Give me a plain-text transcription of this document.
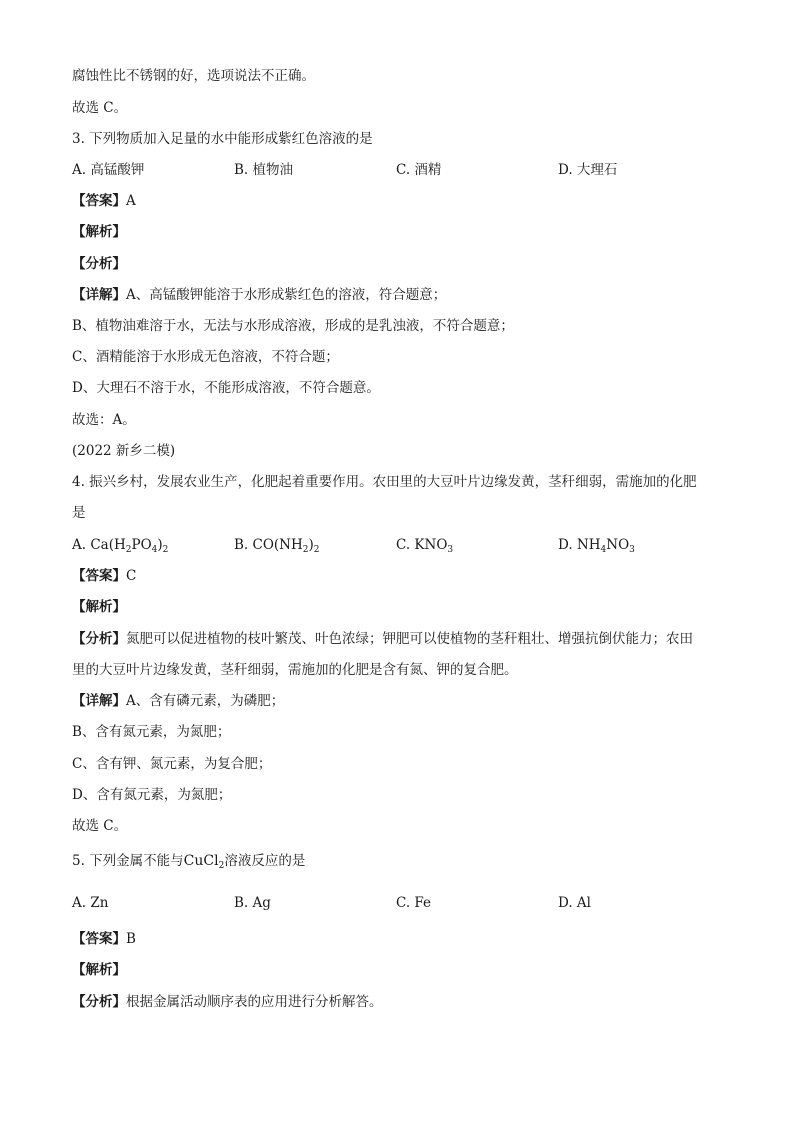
腐蚀性比不锈钢的好，选项说法不正确。
故选 C。
3. 下列物质加入足量的水中能形成紫红色溶液的是
A. 高锰酸钾	B. 植物油	C. 酒精	D. 大理石
【答案】A
【解析】
【分析】
【详解】A、高锰酸钾能溶于水形成紫红色的溶液，符合题意；
B、植物油难溶于水，无法与水形成溶液，形成的是乳浊液，不符合题意；
C、酒精能溶于水形成无色溶液，不符合题；
D、大理石不溶于水，不能形成溶液，不符合题意。
故选：A。
(2022 新乡二模)
4. 振兴乡村，发展农业生产，化肥起着重要作用。农田里的大豆叶片边缘发黄，茎秆细弱，需施加的化肥
是
A. $Ca(H_2PO_4)_2$	B. $CO(NH_2)_2$	C. $KNO_3$	D. $NH_4NO_3$
【答案】C
【解析】
【分析】氮肥可以促进植物的枝叶繁茂、叶色浓绿；钾肥可以使植物的茎秆粗壮、增强抗倒伏能力；农田
里的大豆叶片边缘发黄，茎秆细弱，需施加的化肥是含有氮、钾的复合肥。
【详解】A、含有磷元素，为磷肥；
B、含有氮元素，为氮肥；
C、含有钾、氮元素，为复合肥；
D、含有氮元素，为氮肥；
故选 C。
5. 下列金属不能与CuCl$_2$溶液反应的是
A. Zn	B. Ag	C. Fe	D. Al
【答案】B
【解析】
【分析】根据金属活动顺序表的应用进行分析解答。
